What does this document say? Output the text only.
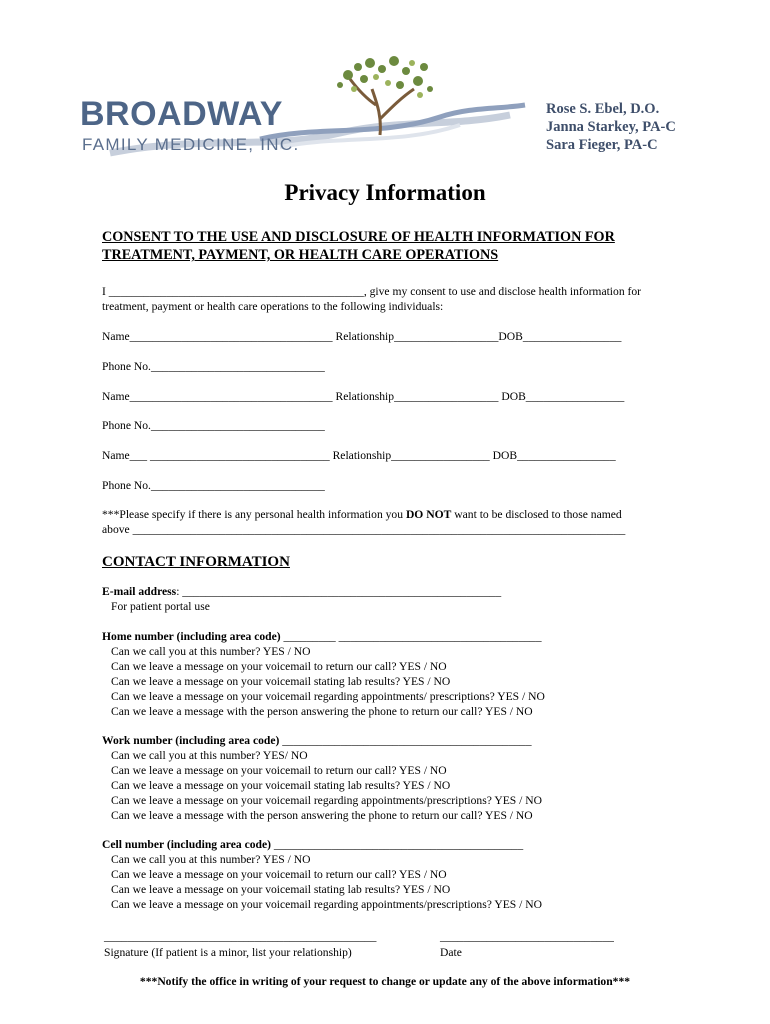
BROADWAY
FAMILY MEDICINE, INC.
Rose S. Ebel, D.O.
Janna Starkey, PA-C
Sara Fieger, PA-C
Privacy Information
CONSENT TO THE USE AND DISCLOSURE OF HEALTH INFORMATION FOR
TREATMENT, PAYMENT, OR HEALTH CARE OPERATIONS
I ____________________________________________, give my consent to use and disclose health information for
treatment, payment or health care operations to the following individuals:
Name___________________________________ Relationship__________________DOB_________________
Phone No.______________________________
Name___________________________________ Relationship__________________ DOB_________________
Phone No.______________________________
Name___ _______________________________ Relationship_________________ DOB_________________
Phone No.______________________________
***Please specify if there is any personal health information you DO NOT want to be disclosed to those named
above _____________________________________________________________________________________
CONTACT INFORMATION
E-mail address: _______________________________________________________
For patient portal use
Home number (including area code) _________ ___________________________________
Can we call you at this number? YES / NO
Can we leave a message on your voicemail to return our call? YES / NO
Can we leave a message on your voicemail stating lab results? YES / NO
Can we leave a message on your voicemail regarding appointments/ prescriptions? YES / NO
Can we leave a message with the person answering the phone to return our call? YES / NO
Work number (including area code) ___________________________________________
Can we call you at this number? YES/ NO
Can we leave a message on your voicemail to return our call? YES / NO
Can we leave a message on your voicemail stating lab results? YES / NO
Can we leave a message on your voicemail regarding appointments/prescriptions? YES / NO
Can we leave a message with the person answering the phone to return our call? YES / NO
Cell number (including area code) ___________________________________________
Can we call you at this number? YES / NO
Can we leave a message on your voicemail to return our call? YES / NO
Can we leave a message on your voicemail stating lab results? YES / NO
Can we leave a message on your voicemail regarding appointments/prescriptions? YES / NO
_______________________________________________
Signature (If patient is a minor, list your relationship)
______________________________
Date
***Notify the office in writing of your request to change or update any of the above information***
